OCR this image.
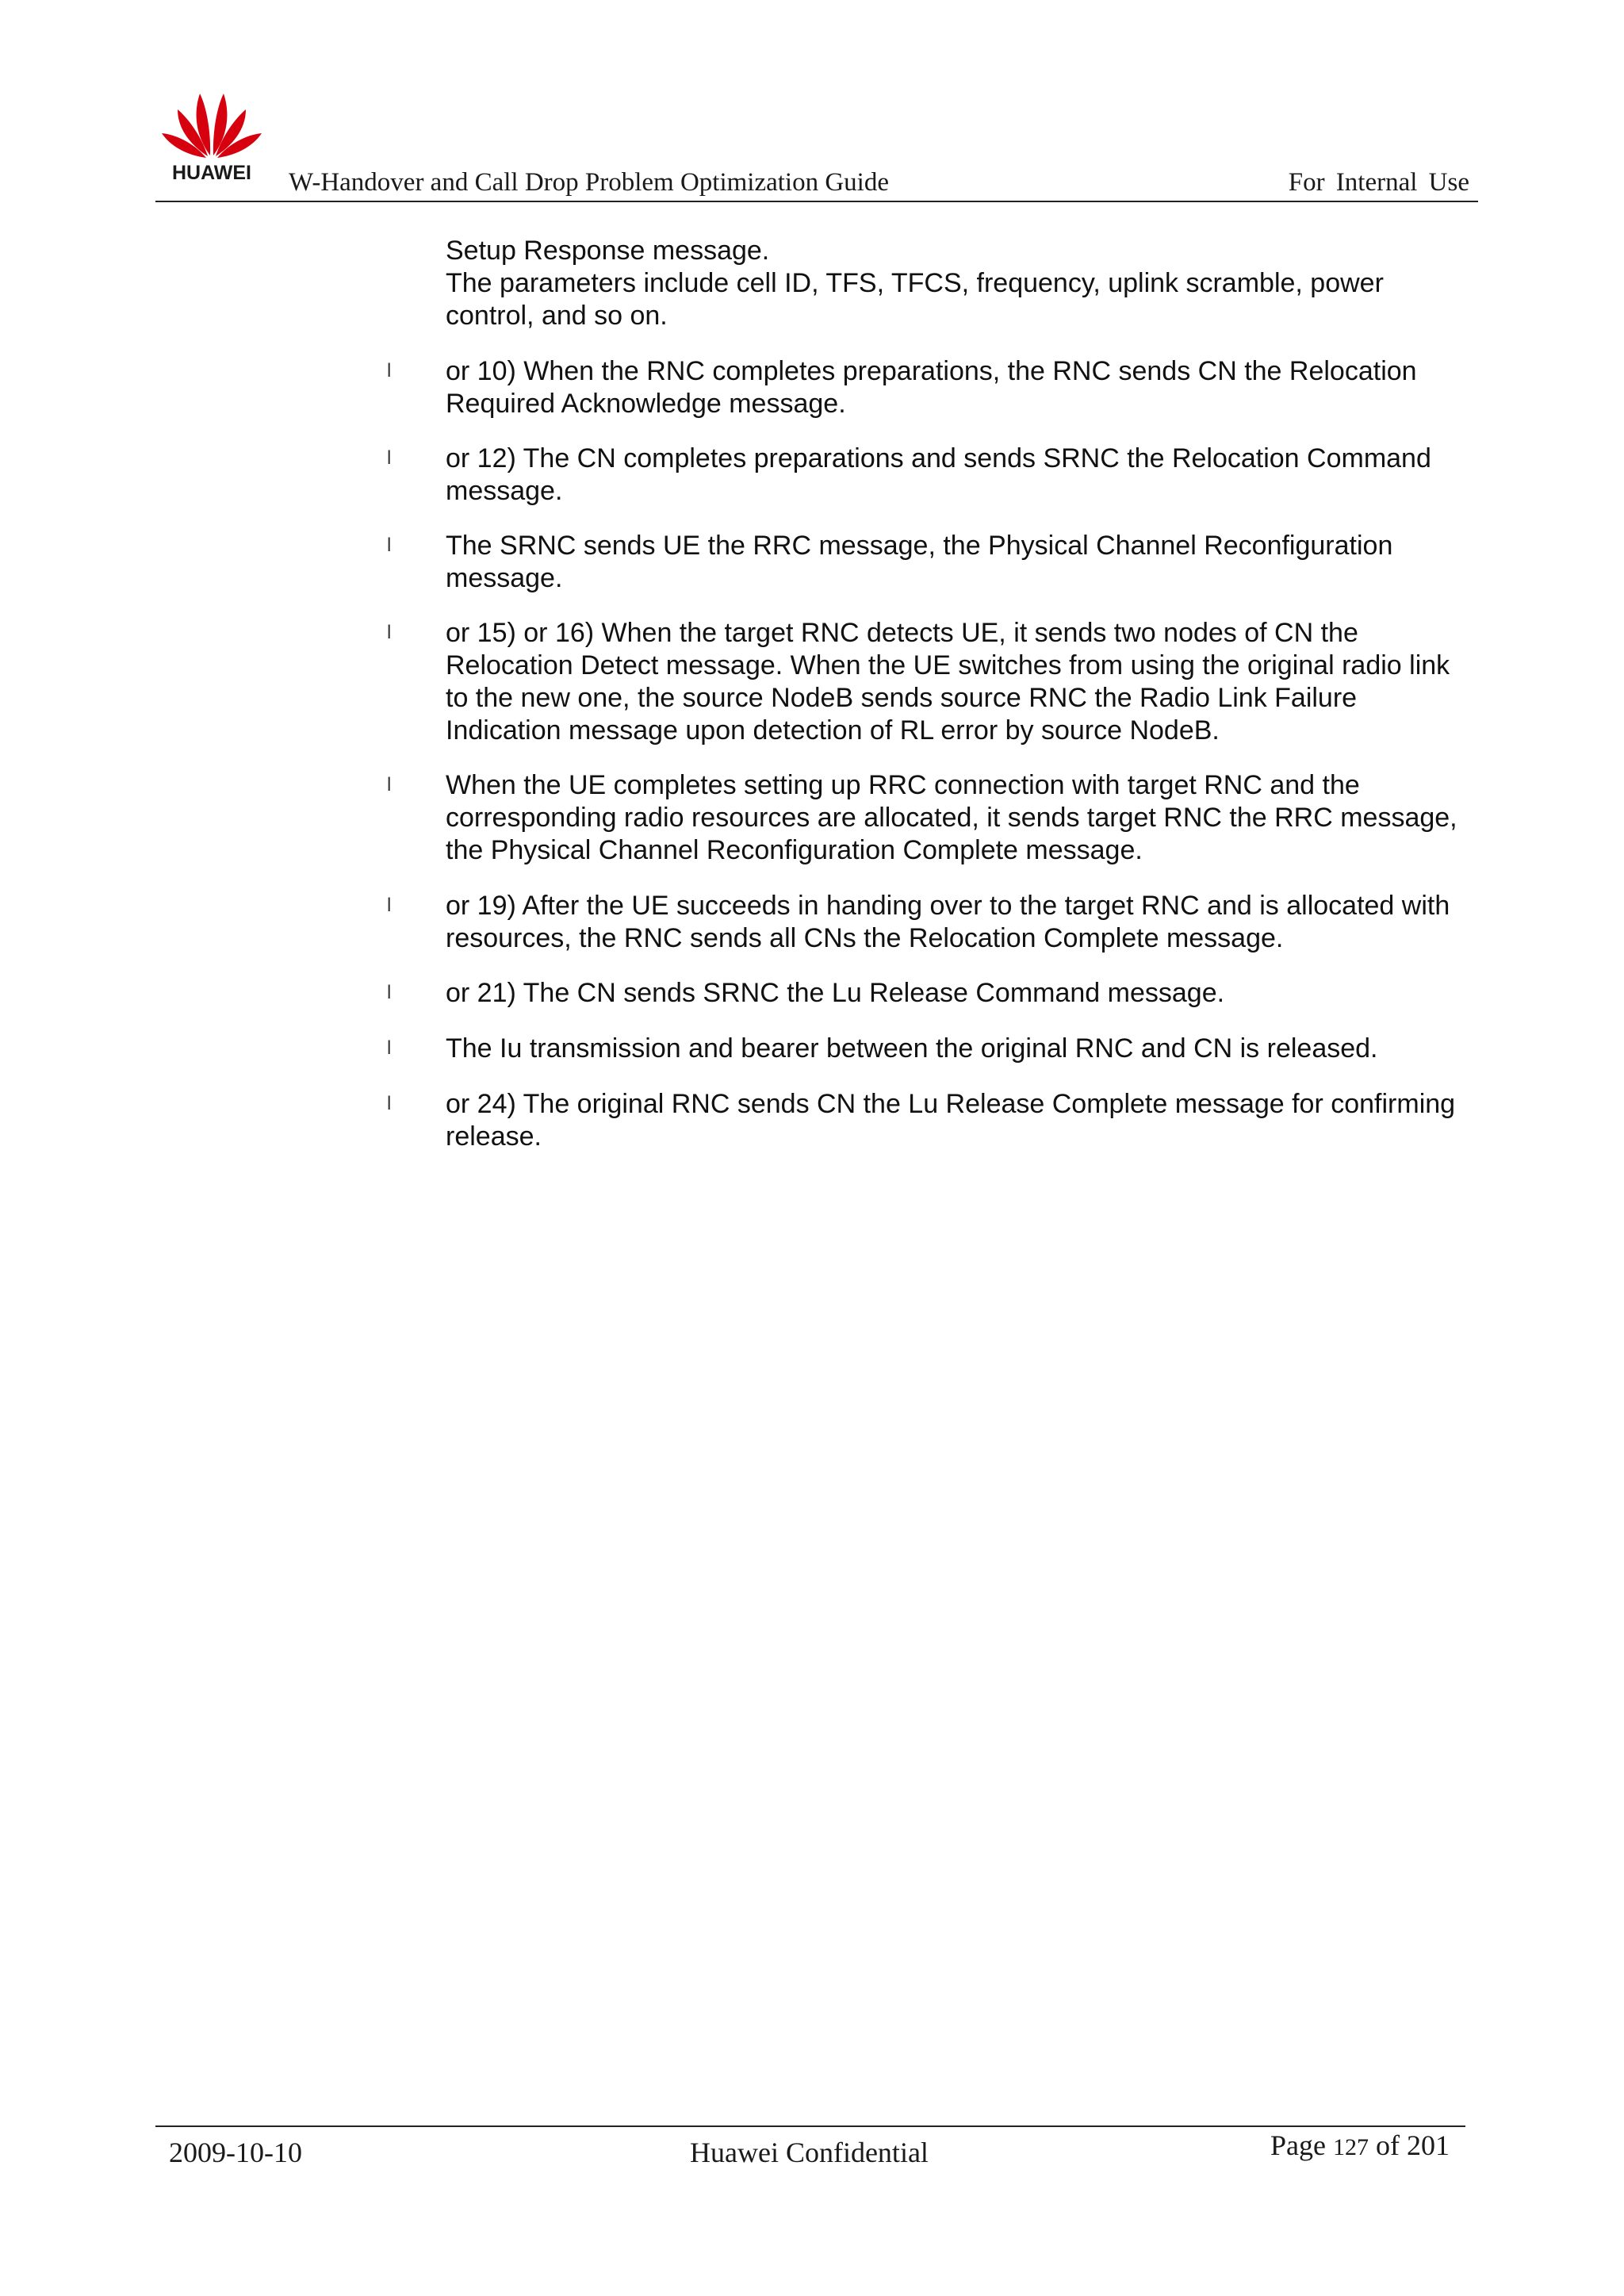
HUAWEI	W-Handover and Call Drop Problem Optimization Guide	For Internal Use
Setup Response message.
The parameters include cell ID, TFS, TFCS, frequency, uplink scramble, power
control, and so on.
l	or 10) When the RNC completes preparations, the RNC sends CN the Relocation
Required Acknowledge message.
l	or 12) The CN completes preparations and sends SRNC the Relocation Command
message.
l	The SRNC sends UE the RRC message, the Physical Channel Reconfiguration
message.
l	or 15) or 16) When the target RNC detects UE, it sends two nodes of CN the
Relocation Detect message. When the UE switches from using the original radio link
to the new one, the source NodeB sends source RNC the Radio Link Failure
Indication message upon detection of RL error by source NodeB.
l	When the UE completes setting up RRC connection with target RNC and the
corresponding radio resources are allocated, it sends target RNC the RRC message,
the Physical Channel Reconfiguration Complete message.
l	or 19) After the UE succeeds in handing over to the target RNC and is allocated with
resources, the RNC sends all CNs the Relocation Complete message.
l	or 21) The CN sends SRNC the Lu Release Command message.
l	The Iu transmission and bearer between the original RNC and CN is released.
l	or 24) The original RNC sends CN the Lu Release Complete message for confirming
release.
2009-10-10	Huawei Confidential	Page 127 of 201
